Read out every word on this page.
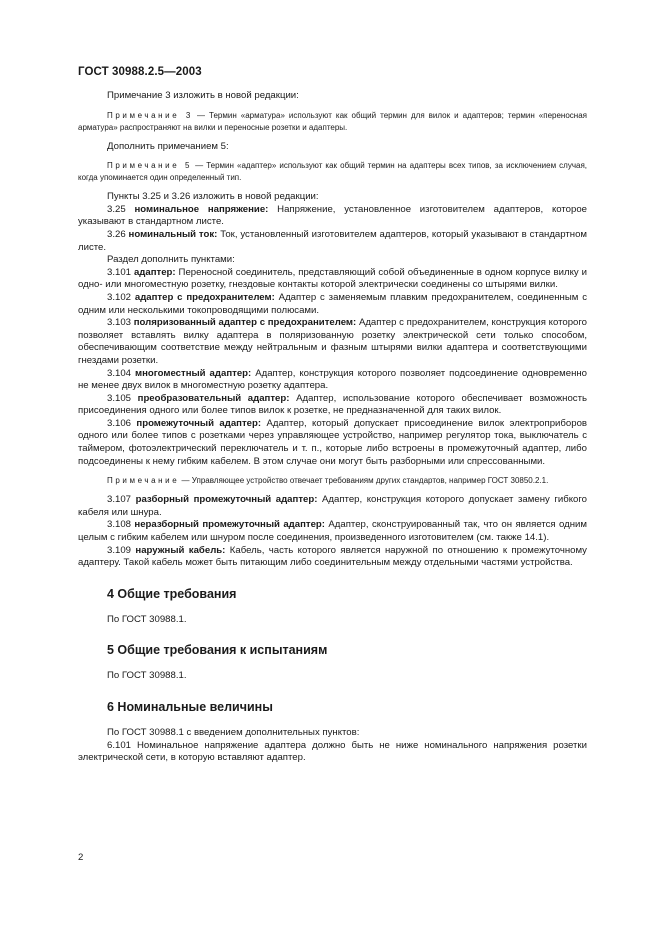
ГОСТ 30988.2.5—2003

Примечание 3 изложить в новой редакции:

Примечание 3 — Термин «арматура» используют как общий термин для вилок и адаптеров; термин «переносная арматура» распространяют на вилки и переносные розетки и адаптеры.

Дополнить примечанием 5:

Примечание 5 — Термин «адаптер» используют как общий термин на адаптеры всех типов, за исключением случая, когда упоминается один определенный тип.

Пункты 3.25 и 3.26 изложить в новой редакции:

3.25 номинальное напряжение: Напряжение, установленное изготовителем адаптеров, которое указывают в стандартном листе.

3.26 номинальный ток: Ток, установленный изготовителем адаптеров, который указывают в стандартном листе.

Раздел дополнить пунктами:

3.101 адаптер: Переносной соединитель, представляющий собой объединенные в одном корпусе вилку и одно- или многоместную розетку, гнездовые контакты которой электрически соединены со штырями вилки.

3.102 адаптер с предохранителем: Адаптер с заменяемым плавким предохранителем, соединенным с одним или несколькими токопроводящими полюсами.

3.103 поляризованный адаптер с предохранителем: Адаптер с предохранителем, конструкция которого позволяет вставлять вилку адаптера в поляризованную розетку электрической сети только способом, обеспечивающим соответствие между нейтральным и фазным штырями вилки адаптера и соответствующими гнездами розетки.

3.104 многоместный адаптер: Адаптер, конструкция которого позволяет подсоединение одновременно не менее двух вилок в многоместную розетку адаптера.

3.105 преобразовательный адаптер: Адаптер, использование которого обеспечивает возможность присоединения одного или более типов вилок к розетке, не предназначенной для таких вилок.

3.106 промежуточный адаптер: Адаптер, который допускает присоединение вилок электроприборов одного или более типов с розетками через управляющее устройство, например регулятор тока, выключатель с таймером, фотоэлектрический переключатель и т. п., которые либо встроены в промежуточный адаптер, либо подсоединены к нему гибким кабелем. В этом случае они могут быть разборными или спрессованными.

Примечание — Управляющее устройство отвечает требованиям других стандартов, например ГОСТ 30850.2.1.

3.107 разборный промежуточный адаптер: Адаптер, конструкция которого допускает замену гибкого кабеля или шнура.

3.108 неразборный промежуточный адаптер: Адаптер, сконструированный так, что он является одним целым с гибким кабелем или шнуром после соединения, произведенного изготовителем (см. также 14.1).

3.109 наружный кабель: Кабель, часть которого является наружной по отношению к промежуточному адаптеру. Такой кабель может быть питающим либо соединительным между отдельными частями устройства.

4 Общие требования

По ГОСТ 30988.1.

5 Общие требования к испытаниям

По ГОСТ 30988.1.

6 Номинальные величины

По ГОСТ 30988.1 с введением дополнительных пунктов:

6.101 Номинальное напряжение адаптера должно быть не ниже номинального напряжения розетки электрической сети, в которую вставляют адаптер.

2
